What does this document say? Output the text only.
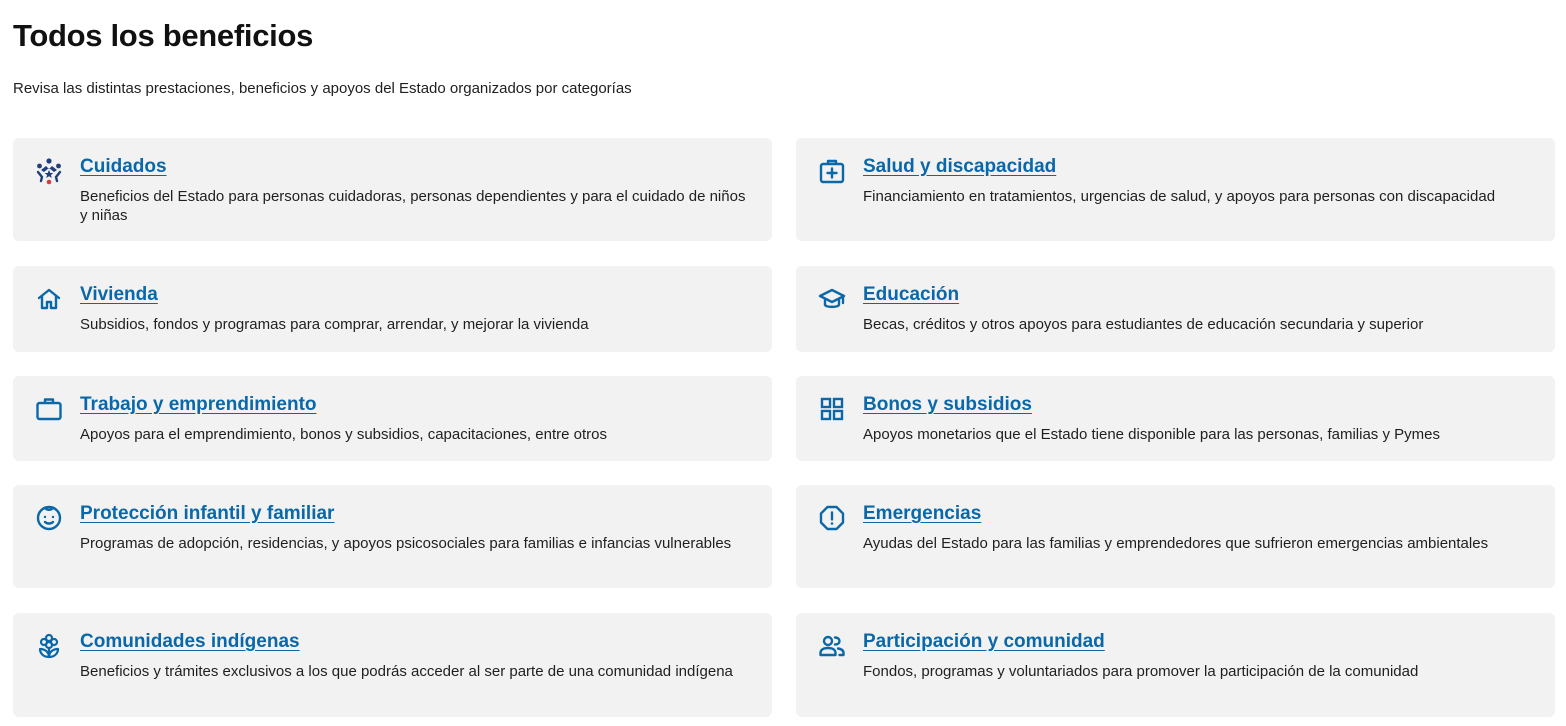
Todos los beneficios

Revisa las distintas prestaciones, beneficios y apoyos del Estado organizados por categorías

Cuidados
Beneficios del Estado para personas cuidadoras, personas dependientes y para el cuidado de niños y niñas
Salud y discapacidad
Financiamiento en tratamientos, urgencias de salud, y apoyos para personas con discapacidad
Vivienda
Subsidios, fondos y programas para comprar, arrendar, y mejorar la vivienda
Educación
Becas, créditos y otros apoyos para estudiantes de educación secundaria y superior
Trabajo y emprendimiento
Apoyos para el emprendimiento, bonos y subsidios, capacitaciones, entre otros
Bonos y subsidios
Apoyos monetarios que el Estado tiene disponible para las personas, familias y Pymes
Protección infantil y familiar
Programas de adopción, residencias, y apoyos psicosociales para familias e infancias vulnerables
Emergencias
Ayudas del Estado para las familias y emprendedores que sufrieron emergencias ambientales
Comunidades indígenas
Beneficios y trámites exclusivos a los que podrás acceder al ser parte de una comunidad indígena
Participación y comunidad
Fondos, programas y voluntariados para promover la participación de la comunidad
